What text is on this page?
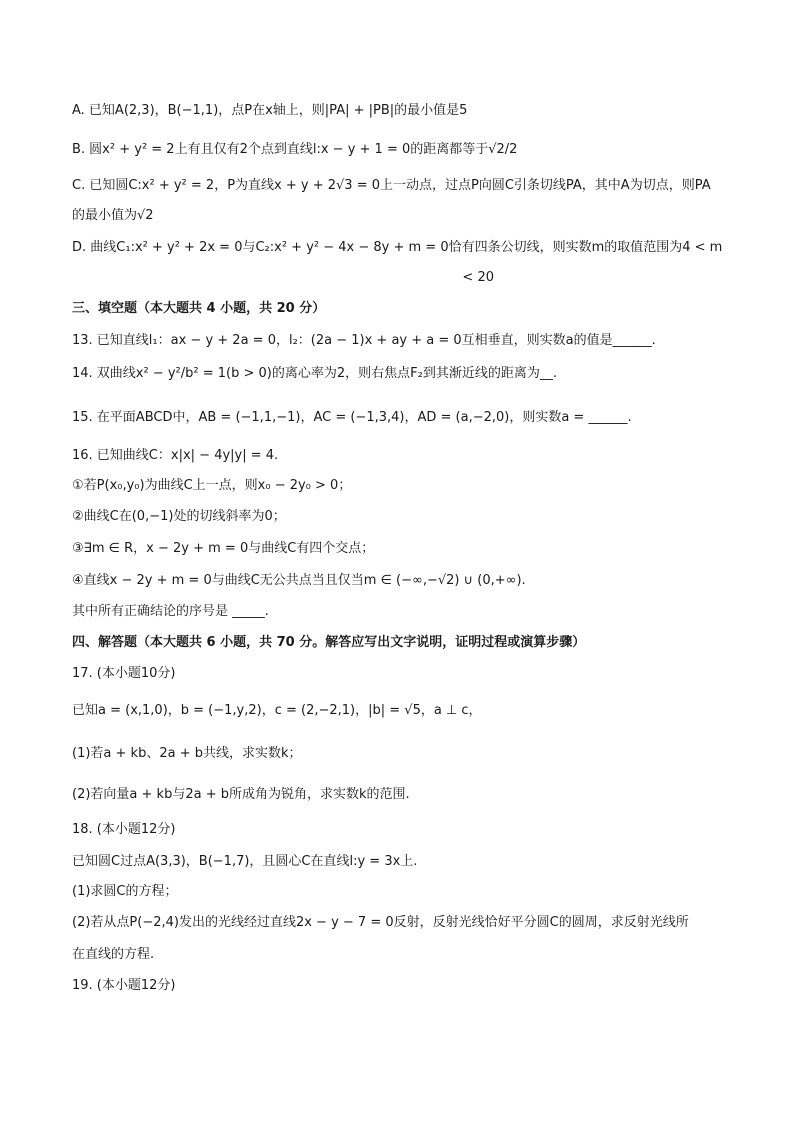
A. 已知A(2,3)，B(−1,1)，点P在x轴上，则|PA| + |PB|的最小值是5
B. 圆x² + y² = 2上有且仅有2个点到直线l:x − y + 1 = 0的距离都等于√2/2
C. 已知圆C:x² + y² = 2，P为直线x + y + 2√3 = 0上一动点，过点P向圆C引条切线PA，其中A为切点，则PA
的最小值为√2
D. 曲线C₁:x² + y² + 2x = 0与C₂:x² + y² − 4x − 8y + m = 0恰有四条公切线，则实数m的取值范围为4 < m
< 20
三、填空题（本大题共 4 小题，共 20 分）
13. 已知直线l₁：ax − y + 2a = 0，l₂：(2a − 1)x + ay + a = 0互相垂直，则实数a的值是______.
14. 双曲线x² − y²/b² = 1(b > 0)的离心率为2，则右焦点F₂到其渐近线的距离为__.
15. 在平面ABCD中，AB = (−1,1,−1)，AC = (−1,3,4)，AD = (a,−2,0)，则实数a = ______.
16. 已知曲线C：x|x| − 4y|y| = 4.
①若P(x₀,y₀)为曲线C上一点，则x₀ − 2y₀ > 0；
②曲线C在(0,−1)处的切线斜率为0；
③∃m ∈ R，x − 2y + m = 0与曲线C有四个交点；
④直线x − 2y + m = 0与曲线C无公共点当且仅当m ∈ (−∞,−√2) ∪ (0,+∞).
其中所有正确结论的序号是 _____.
四、解答题（本大题共 6 小题，共 70 分。解答应写出文字说明，证明过程或演算步骤）
17. (本小题10分)
已知a = (x,1,0)，b = (−1,y,2)，c = (2,−2,1)，|b| = √5，a ⊥ c，
(1)若a + kb、2a + b共线，求实数k；
(2)若向量a + kb与2a + b所成角为锐角，求实数k的范围.
18. (本小题12分)
已知圆C过点A(3,3)，B(−1,7)，且圆心C在直线l:y = 3x上.
(1)求圆C的方程；
(2)若从点P(−2,4)发出的光线经过直线2x − y − 7 = 0反射，反射光线恰好平分圆C的圆周，求反射光线所
在直线的方程.
19. (本小题12分)
